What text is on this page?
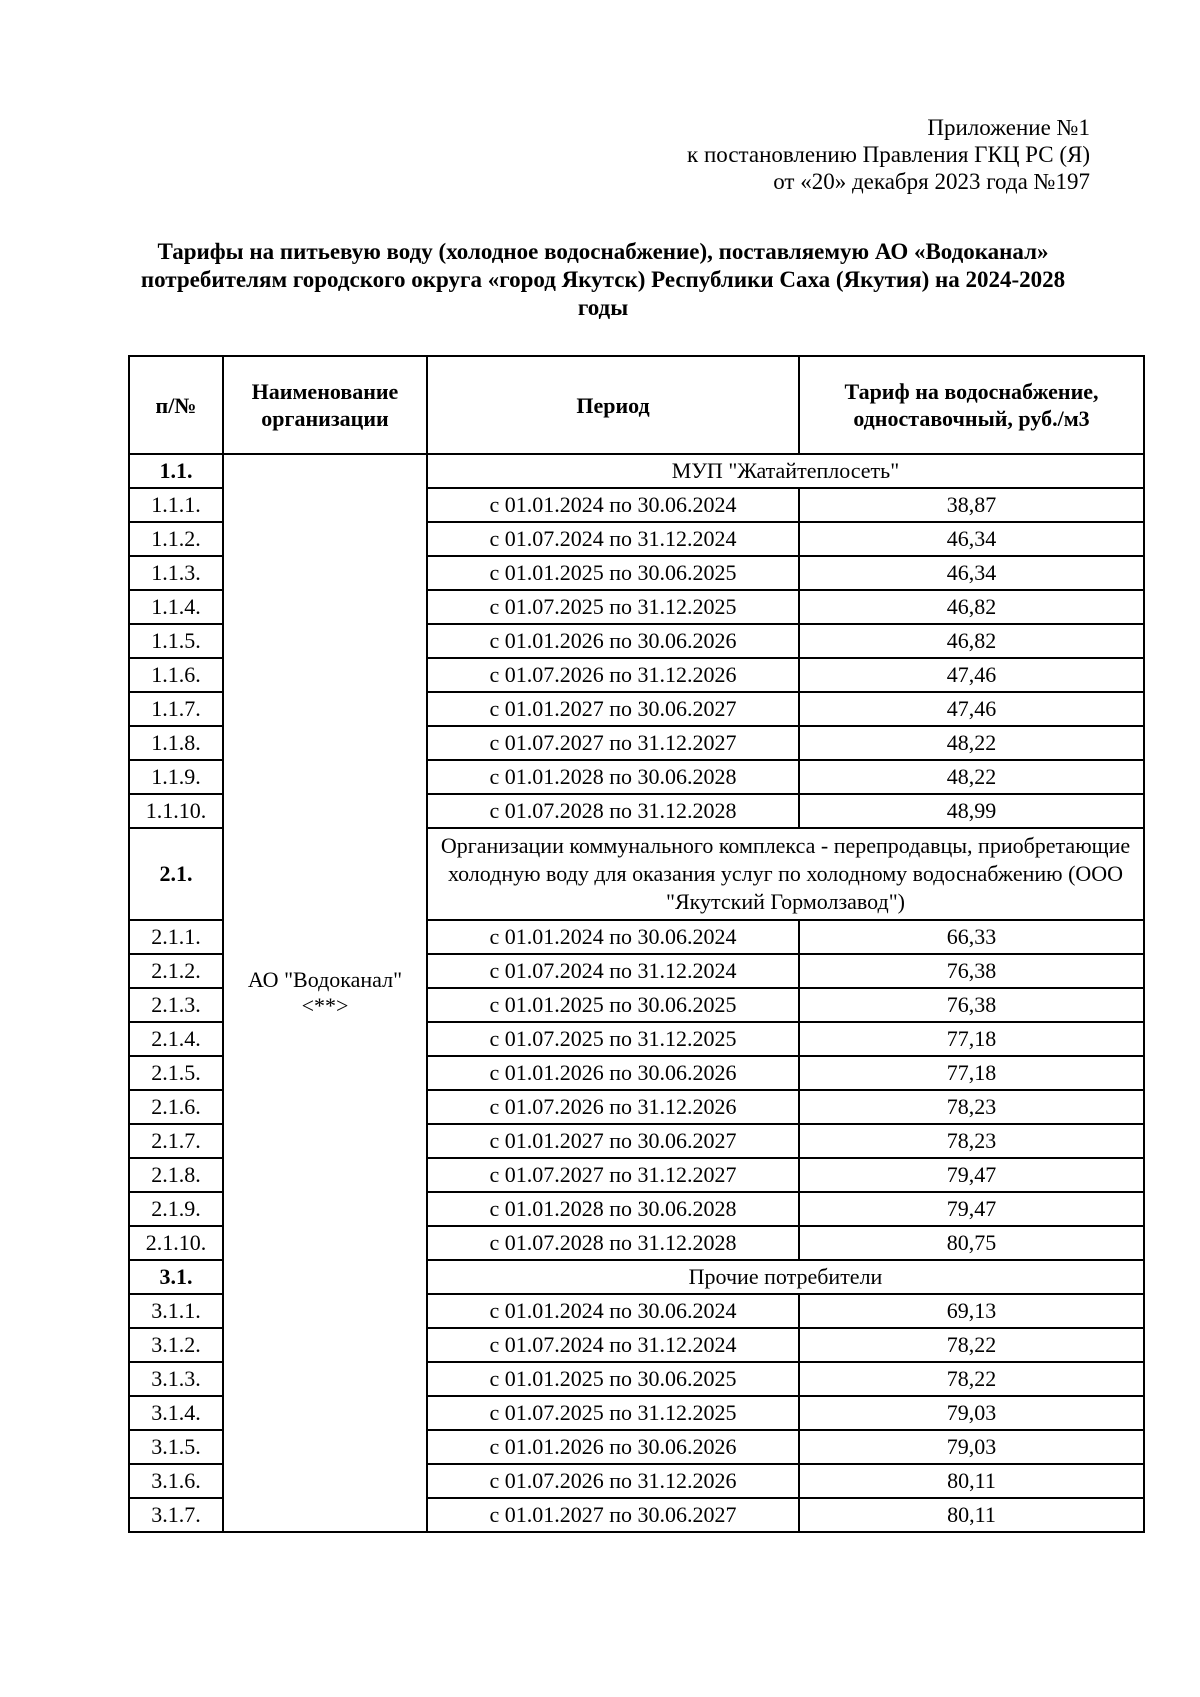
Приложение №1
к постановлению Правления ГКЦ РС (Я)
от «20» декабря 2023 года №197
Тарифы на питьевую воду (холодное водоснабжение), поставляемую АО «Водоканал» потребителям городского округа «город Якутск) Республики Саха (Якутия) на 2024-2028 годы
п/№	Наименование организации	Период	Тариф на водоснабжение, одноставочный, руб./м3
1.1.	АО "Водоканал" <**>	МУП "Жатайтеплосеть"	
1.1.1.		с 01.01.2024 по 30.06.2024	38,87
1.1.2.		с 01.07.2024 по 31.12.2024	46,34
1.1.3.		с 01.01.2025 по 30.06.2025	46,34
1.1.4.		с 01.07.2025 по 31.12.2025	46,82
1.1.5.		с 01.01.2026 по 30.06.2026	46,82
1.1.6.		с 01.07.2026 по 31.12.2026	47,46
1.1.7.		с 01.01.2027 по 30.06.2027	47,46
1.1.8.		с 01.07.2027 по 31.12.2027	48,22
1.1.9.		с 01.01.2028 по 30.06.2028	48,22
1.1.10.		с 01.07.2028 по 31.12.2028	48,99
2.1.		Организации коммунального комплекса - перепродавцы, приобретающие холодную воду для оказания услуг по холодному водоснабжению (ООО "Якутский Гормолзавод")	
2.1.1.		с 01.01.2024 по 30.06.2024	66,33
2.1.2.		с 01.07.2024 по 31.12.2024	76,38
2.1.3.		с 01.01.2025 по 30.06.2025	76,38
2.1.4.		с 01.07.2025 по 31.12.2025	77,18
2.1.5.		с 01.01.2026 по 30.06.2026	77,18
2.1.6.		с 01.07.2026 по 31.12.2026	78,23
2.1.7.		с 01.01.2027 по 30.06.2027	78,23
2.1.8.		с 01.07.2027 по 31.12.2027	79,47
2.1.9.		с 01.01.2028 по 30.06.2028	79,47
2.1.10.		с 01.07.2028 по 31.12.2028	80,75
3.1.		Прочие потребители	
3.1.1.		с 01.01.2024 по 30.06.2024	69,13
3.1.2.		с 01.07.2024 по 31.12.2024	78,22
3.1.3.		с 01.01.2025 по 30.06.2025	78,22
3.1.4.		с 01.07.2025 по 31.12.2025	79,03
3.1.5.		с 01.01.2026 по 30.06.2026	79,03
3.1.6.		с 01.07.2026 по 31.12.2026	80,11
3.1.7.		с 01.01.2027 по 30.06.2027	80,11
